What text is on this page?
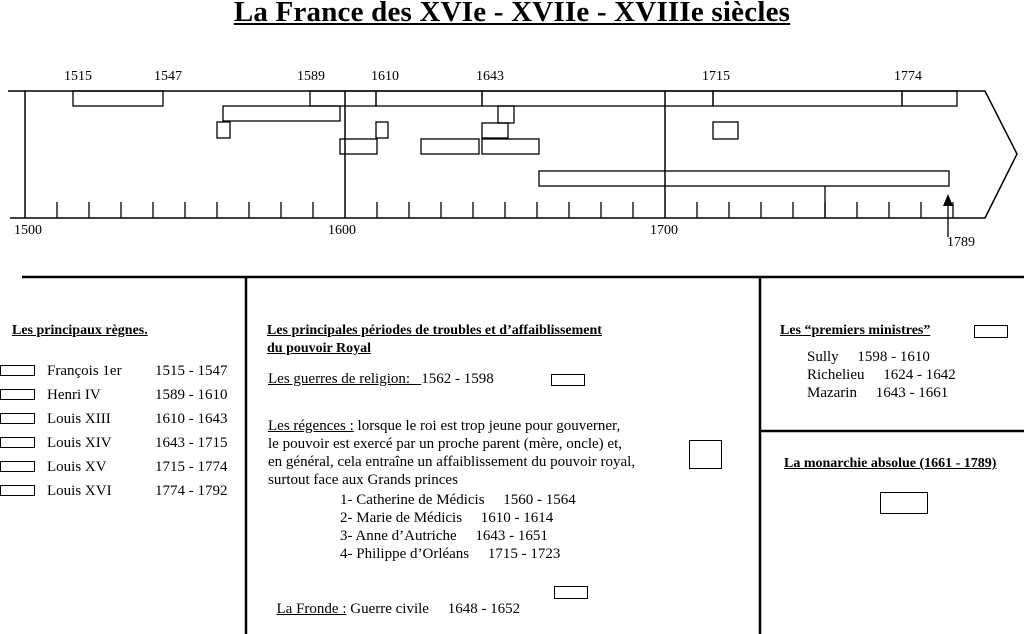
La France des XVIe - XVIIe - XVIIIe siècles
1515	1547	1589	1610	1643	1715	1774
1500	1600	1700
1789
Les principaux règnes.
François 1er 1515 - 1547
Henri IV	1589 - 1610
Louis XIII	1610 - 1643
Louis XIV	1643 - 1715
Louis XV	1715 - 1774
Louis XVI	1774 - 1792
Les principales périodes de troubles et d’affaiblissement
du pouvoir Royal
Les guerres de religion: 1562 - 1598
Les régences : lorsque le roi est trop jeune pour gouverner,
le pouvoir est exercé par un proche parent (mère, oncle) et,
en général, cela entraîne un affaiblissement du pouvoir royal,
surtout face aux Grands princes
1- Catherine de Médicis     1560 - 1564
2- Marie de Médicis     1610 - 1614
3- Anne d’Autriche     1643 - 1651
4- Philippe d’Orléans     1715 - 1723

La Fronde : Guerre civile     1648 - 1652

Les “premiers ministres”
Sully     1598 - 1610
Richelieu     1624 - 1642
Mazarin     1643 - 1661
La monarchie absolue (1661 - 1789)
